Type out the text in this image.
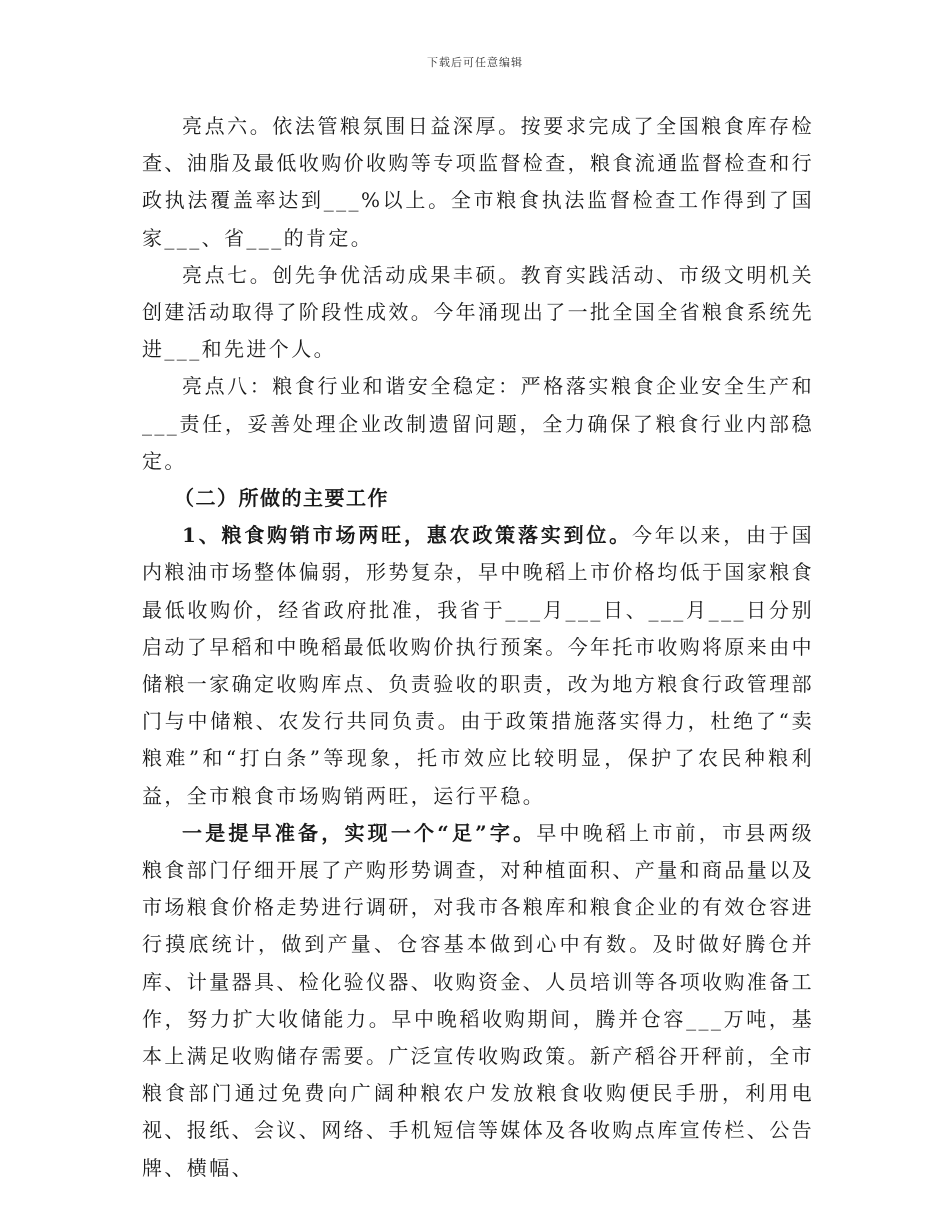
下载后可任意编辑

亮点六。依法管粮氛围日益深厚。按要求完成了全国粮食库存检查、油脂及最低收购价收购等专项监督检查，粮食流通监督检查和行政执法覆盖率达到___%以上。全市粮食执法监督检查工作得到了国家___、省___的肯定。

亮点七。创先争优活动成果丰硕。教育实践活动、市级文明机关创建活动取得了阶段性成效。今年涌现出了一批全国全省粮食系统先进___和先进个人。

亮点八：粮食行业和谐安全稳定：严格落实粮食企业安全生产和___责任，妥善处理企业改制遗留问题，全力确保了粮食行业内部稳定。

（二）所做的主要工作

1、粮食购销市场两旺，惠农政策落实到位。今年以来，由于国内粮油市场整体偏弱，形势复杂，早中晚稻上市价格均低于国家粮食最低收购价，经省政府批准，我省于___月___日、___月___日分别启动了早稻和中晚稻最低收购价执行预案。今年托市收购将原来由中储粮一家确定收购库点、负责验收的职责，改为地方粮食行政管理部门与中储粮、农发行共同负责。由于政策措施落实得力，杜绝了“卖粮难”和“打白条”等现象，托市效应比较明显，保护了农民种粮利益，全市粮食市场购销两旺，运行平稳。

一是提早准备，实现一个“足”字。早中晚稻上市前，市县两级粮食部门仔细开展了产购形势调查，对种植面积、产量和商品量以及市场粮食价格走势进行调研，对我市各粮库和粮食企业的有效仓容进行摸底统计，做到产量、仓容基本做到心中有数。及时做好腾仓并库、计量器具、检化验仪器、收购资金、人员培训等各项收购准备工作，努力扩大收储能力。早中晚稻收购期间，腾并仓容___万吨，基本上满足收购储存需要。广泛宣传收购政策。新产稻谷开秤前，全市粮食部门通过免费向广阔种粮农户发放粮食收购便民手册，利用电视、报纸、会议、网络、手机短信等媒体及各收购点库宣传栏、公告牌、横幅、
